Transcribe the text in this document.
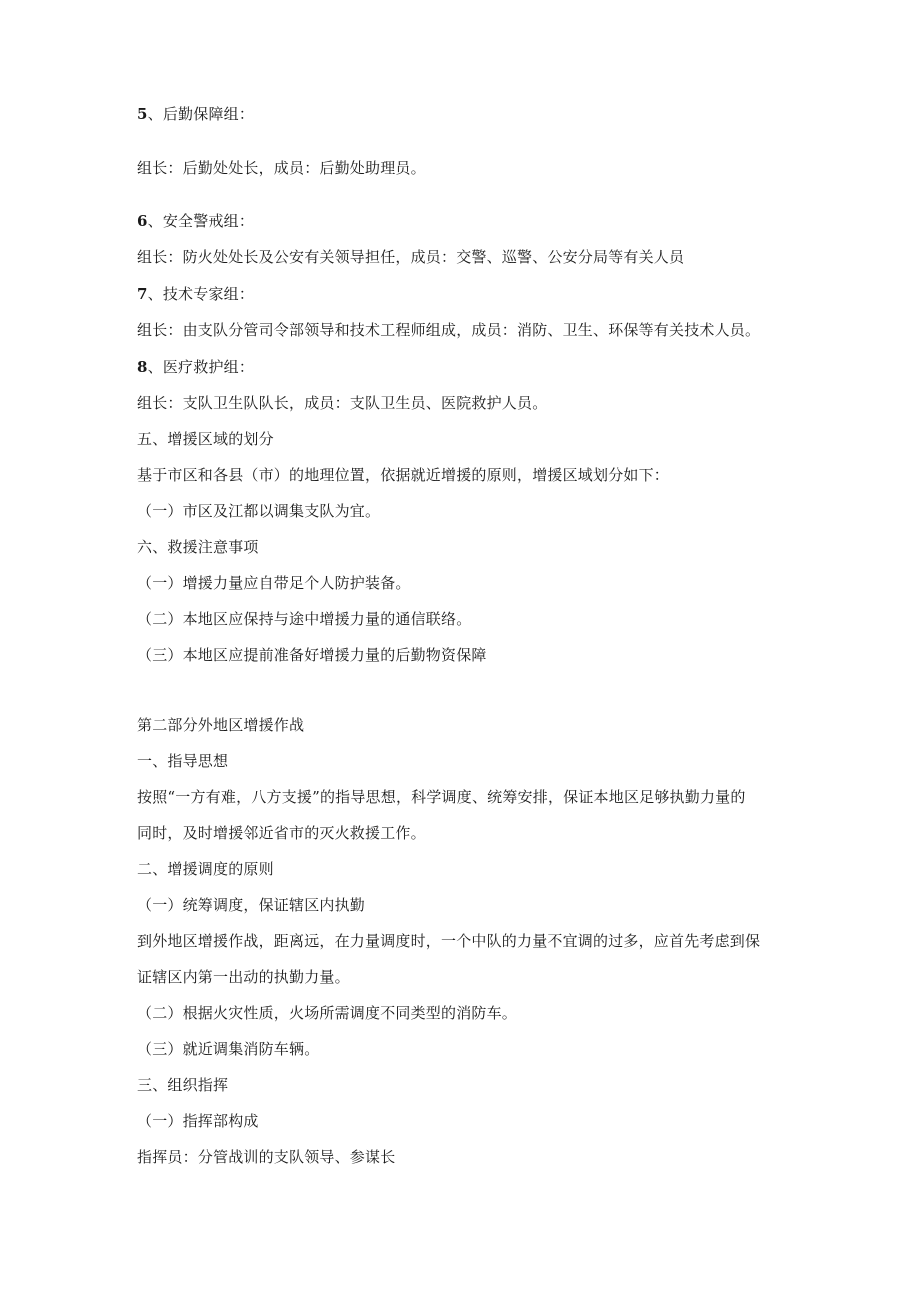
5、后勤保障组：
组长：后勤处处长，成员：后勤处助理员。
6、安全警戒组：
组长：防火处处长及公安有关领导担任，成员：交警、巡警、公安分局等有关人员
7、技术专家组：
组长：由支队分管司令部领导和技术工程师组成，成员：消防、卫生、环保等有关技术人员。
8、医疗救护组：
组长：支队卫生队队长，成员：支队卫生员、医院救护人员。
五、增援区域的划分
基于市区和各县（市）的地理位置，依据就近增援的原则，增援区域划分如下：
（一）市区及江都以调集支队为宜。
六、救援注意事项
（一）增援力量应自带足个人防护装备。
（二）本地区应保持与途中增援力量的通信联络。
（三）本地区应提前准备好增援力量的后勤物资保障
第二部分外地区增援作战
一、指导思想
按照“一方有难，八方支援”的指导思想，科学调度、统筹安排，保证本地区足够执勤力量的
同时，及时增援邻近省市的灭火救援工作。
二、增援调度的原则
（一）统筹调度，保证辖区内执勤
到外地区增援作战，距离远，在力量调度时，一个中队的力量不宜调的过多，应首先考虑到保
证辖区内第一出动的执勤力量。
（二）根据火灾性质，火场所需调度不同类型的消防车。
（三）就近调集消防车辆。
三、组织指挥
（一）指挥部构成
指挥员：分管战训的支队领导、参谋长
